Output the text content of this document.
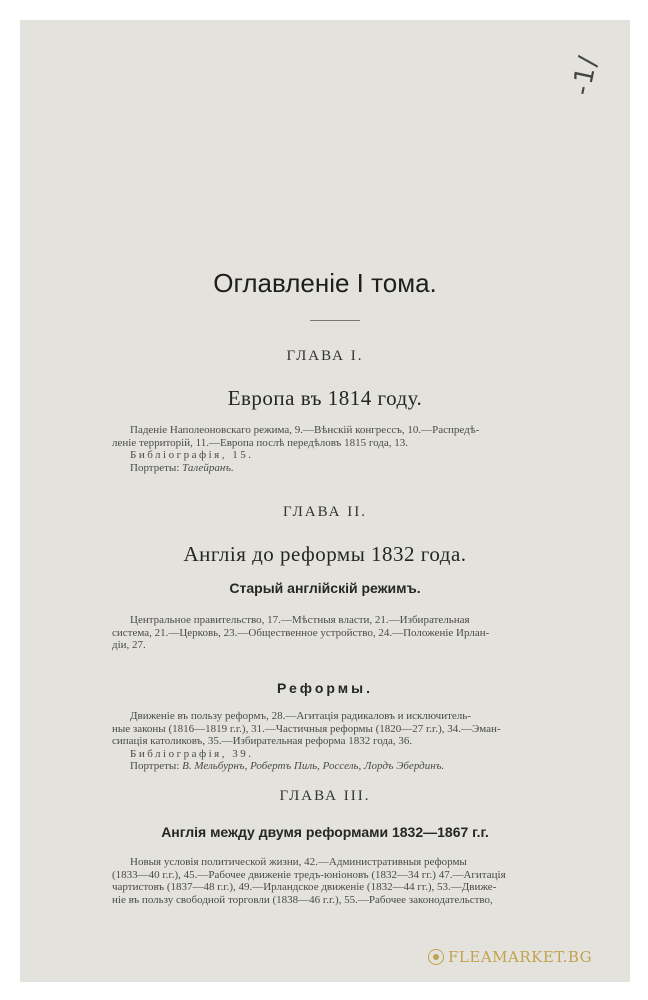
-1/
Оглавленіе I тома.
ГЛАВА I.
Европа въ 1814 году.
Паденіе Наполеоновскаго режима, 9.—Вѣнскій конгрессъ, 10.—Распредѣ-
леніе территорій, 11.—Европа послѣ передѣловъ 1815 года, 13.
Библіографія, 15.
Портреты: Талейранъ.
ГЛАВА II.
Англія до реформы 1832 года.
Старый англійскій режимъ.
Центральное правительство, 17.—Мѣстныя власти, 21.—Избирательная
система, 21.—Церковь, 23.—Общественное устройство, 24.—Положеніе Ирлан-
діи, 27.
Реформы.
Движеніе въ пользу реформъ, 28.—Агитація радикаловъ и исключитель-
ные законы (1816—1819 г.г.), 31.—Частичныя реформы (1820—27 г.г.), 34.—Эман-
сипація католиковъ, 35.—Избирательная реформа 1832 года, 36.
Библіографія, 39.
Портреты: В. Мельбурнъ, Робертъ Пиль, Россель, Лордъ Эбердинъ.
ГЛАВА III.
Англія между двумя реформами 1832—1867 г.г.
Новыя условія политической жизни, 42.—Административныя реформы
(1833—40 г.г.), 45.—Рабочее движеніе тредъ-юніоновъ (1832—34 гг.) 47.—Агитація
чартистовъ (1837—48 г.г.), 49.—Ирландское движеніе (1832—44 гг.), 53.—Движе-
ніе въ пользу свободной торговли (1838—46 г.г.), 55.—Рабочее законодательство,
FLEAMARKET.BG
